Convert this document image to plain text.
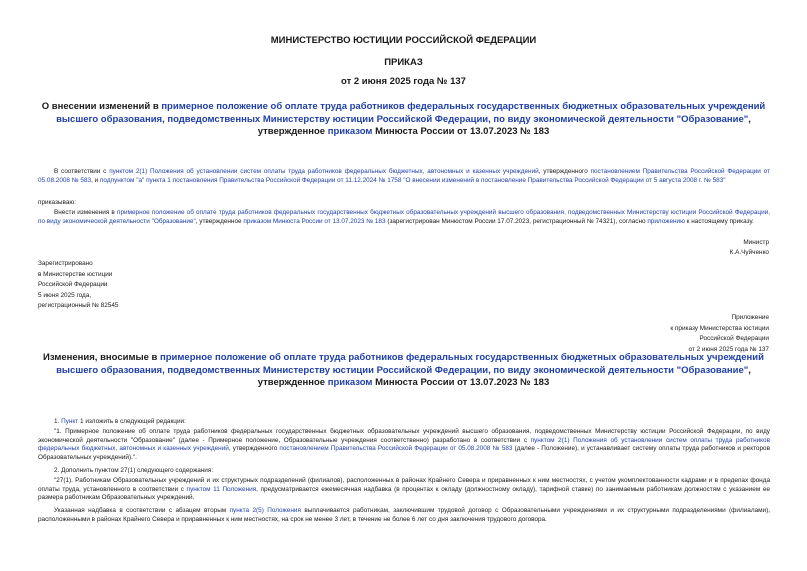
МИНИСТЕРСТВО ЮСТИЦИИ РОССИЙСКОЙ ФЕДЕРАЦИИ
ПРИКАЗ
от 2 июня 2025 года № 137
О внесении изменений в примерное положение об оплате труда работников федеральных государственных бюджетных образовательных учреждений высшего образования, подведомственных Министерству юстиции Российской Федерации, по виду экономической деятельности "Образование", утвержденное приказом Минюста России от 13.07.2023 № 183
В соответствии с пунктом 2(1) Положения об установлении систем оплаты труда работников федеральных бюджетных, автономных и казенных учреждений, утвержденного постановлением Правительства Российской Федерации от 05.08.2008 № 583, и подпунктом "а" пункта 1 постановления Правительства Российской Федерации от 11.12.2024 № 1758 "О внесении изменений в постановление Правительства Российской Федерации от 5 августа 2008 г. № 583"
приказываю:
Внести изменения в примерное положение об оплате труда работников федеральных государственных бюджетных образовательных учреждений высшего образования, подведомственных Министерству юстиции Российской Федерации, по виду экономической деятельности "Образование", утвержденное приказом Минюста России от 13.07.2023 № 183 (зарегистрирован Минюстом России 17.07.2023, регистрационный № 74321), согласно приложению к настоящему приказу.
Министр
К.А.Чуйченко
Зарегистрировано
в Министерстве юстиции
Российской Федерации
5 июня 2025 года,
регистрационный № 82545
Приложение
к приказу Министерства юстиции
Российской Федерации
от 2 июня 2025 года № 137
Изменения, вносимые в примерное положение об оплате труда работников федеральных государственных бюджетных образовательных учреждений высшего образования, подведомственных Министерству юстиции Российской Федерации, по виду экономической деятельности "Образование", утвержденное приказом Минюста России от 13.07.2023 № 183
1. Пункт 1 изложить в следующей редакции:
"1. Примерное положение об оплате труда работников федеральных государственных бюджетных образовательных учреждений высшего образования, подведомственных Министерству юстиции Российской Федерации, по виду экономической деятельности "Образование" (далее - Примерное положение, Образовательные учреждения соответственно) разработано в соответствии с пунктом 2(1) Положения об установлении систем оплаты труда работников федеральных бюджетных, автономных и казенных учреждений, утвержденного постановлением Правительства Российской Федерации от 05.08.2008 № 583 (далее - Положение), и устанавливает систему оплаты труда работников и ректоров Образовательных учреждений).".
2. Дополнить пунктом 27(1) следующего содержания:
"27(1). Работникам Образовательных учреждений и их структурных подразделений (филиалов), расположенных в районах Крайнего Севера и приравненных к ним местностях, с учетом укомплектованности кадрами и в пределах фонда оплаты труда, установленного в соответствии с пунктом 11 Положения, предусматривается ежемесячная надбавка (в процентах к окладу (должностному окладу), тарифной ставке) по занимаемым работникам должностям с указанием ее размера работникам Образовательных учреждений.
Указанная надбавка в соответствии с абзацем вторым пункта 2(5) Положения выплачивается работникам, заключившим трудовой договор с Образовательными учреждениями и их структурными подразделениями (филиалами), расположенными в районах Крайнего Севера и приравненных к ним местностях, на срок не менее 3 лет, в течение не более 6 лет со дня заключения трудового договора.
